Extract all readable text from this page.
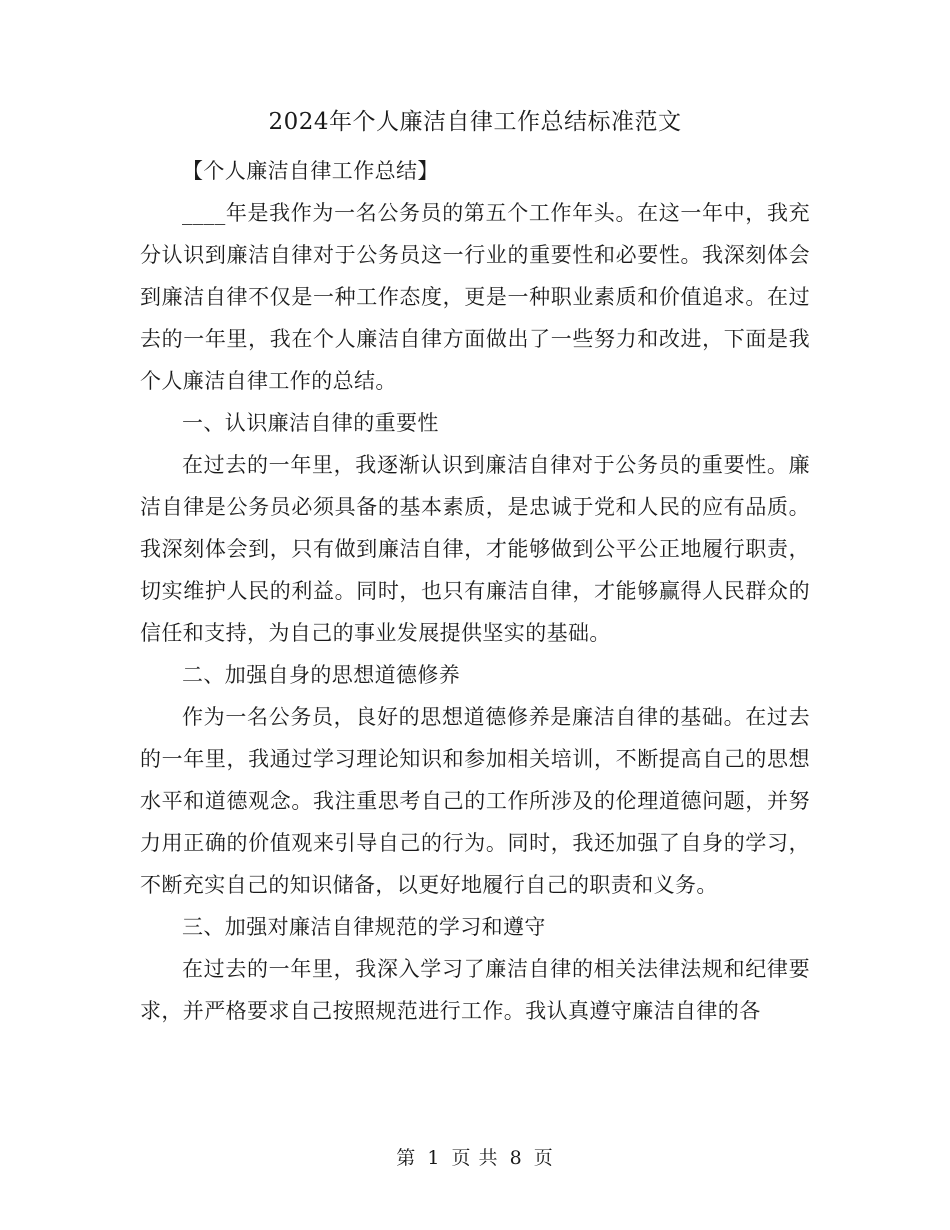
2024年个人廉洁自律工作总结标准范文

【个人廉洁自律工作总结】

____年是我作为一名公务员的第五个工作年头。在这一年中，我充分认识到廉洁自律对于公务员这一行业的重要性和必要性。我深刻体会到廉洁自律不仅是一种工作态度，更是一种职业素质和价值追求。在过去的一年里，我在个人廉洁自律方面做出了一些努力和改进，下面是我个人廉洁自律工作的总结。

一、认识廉洁自律的重要性

在过去的一年里，我逐渐认识到廉洁自律对于公务员的重要性。廉洁自律是公务员必须具备的基本素质，是忠诚于党和人民的应有品质。我深刻体会到，只有做到廉洁自律，才能够做到公平公正地履行职责，切实维护人民的利益。同时，也只有廉洁自律，才能够赢得人民群众的信任和支持，为自己的事业发展提供坚实的基础。

二、加强自身的思想道德修养

作为一名公务员，良好的思想道德修养是廉洁自律的基础。在过去的一年里，我通过学习理论知识和参加相关培训，不断提高自己的思想水平和道德观念。我注重思考自己的工作所涉及的伦理道德问题，并努力用正确的价值观来引导自己的行为。同时，我还加强了自身的学习，不断充实自己的知识储备，以更好地履行自己的职责和义务。

三、加强对廉洁自律规范的学习和遵守

在过去的一年里，我深入学习了廉洁自律的相关法律法规和纪律要求，并严格要求自己按照规范进行工作。我认真遵守廉洁自律的各

第 1 页 共 8 页
